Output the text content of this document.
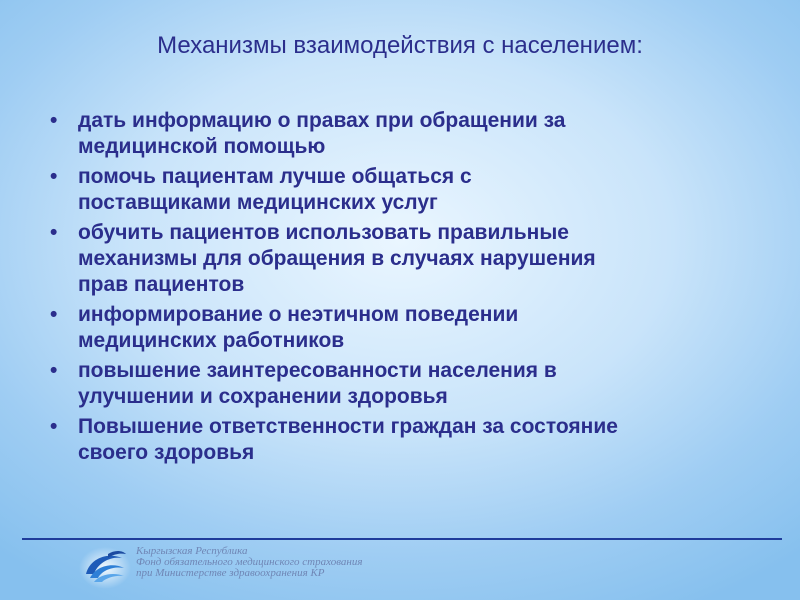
Механизмы взаимодействия с населением:
• дать информацию о правах при обращении за
медицинской помощью
• помочь пациентам лучше общаться с
поставщиками медицинских услуг
• обучить пациентов использовать правильные
механизмы для обращения в случаях нарушения
прав пациентов
• информирование о неэтичном поведении
медицинских работников
• повышение заинтересованности населения в
улучшении и сохранении здоровья
• Повышение ответственности граждан за состояние
своего здоровья
Кыргызская Республика
Фонд обязательного медицинского страхования
при Министерстве здравоохранения КР
